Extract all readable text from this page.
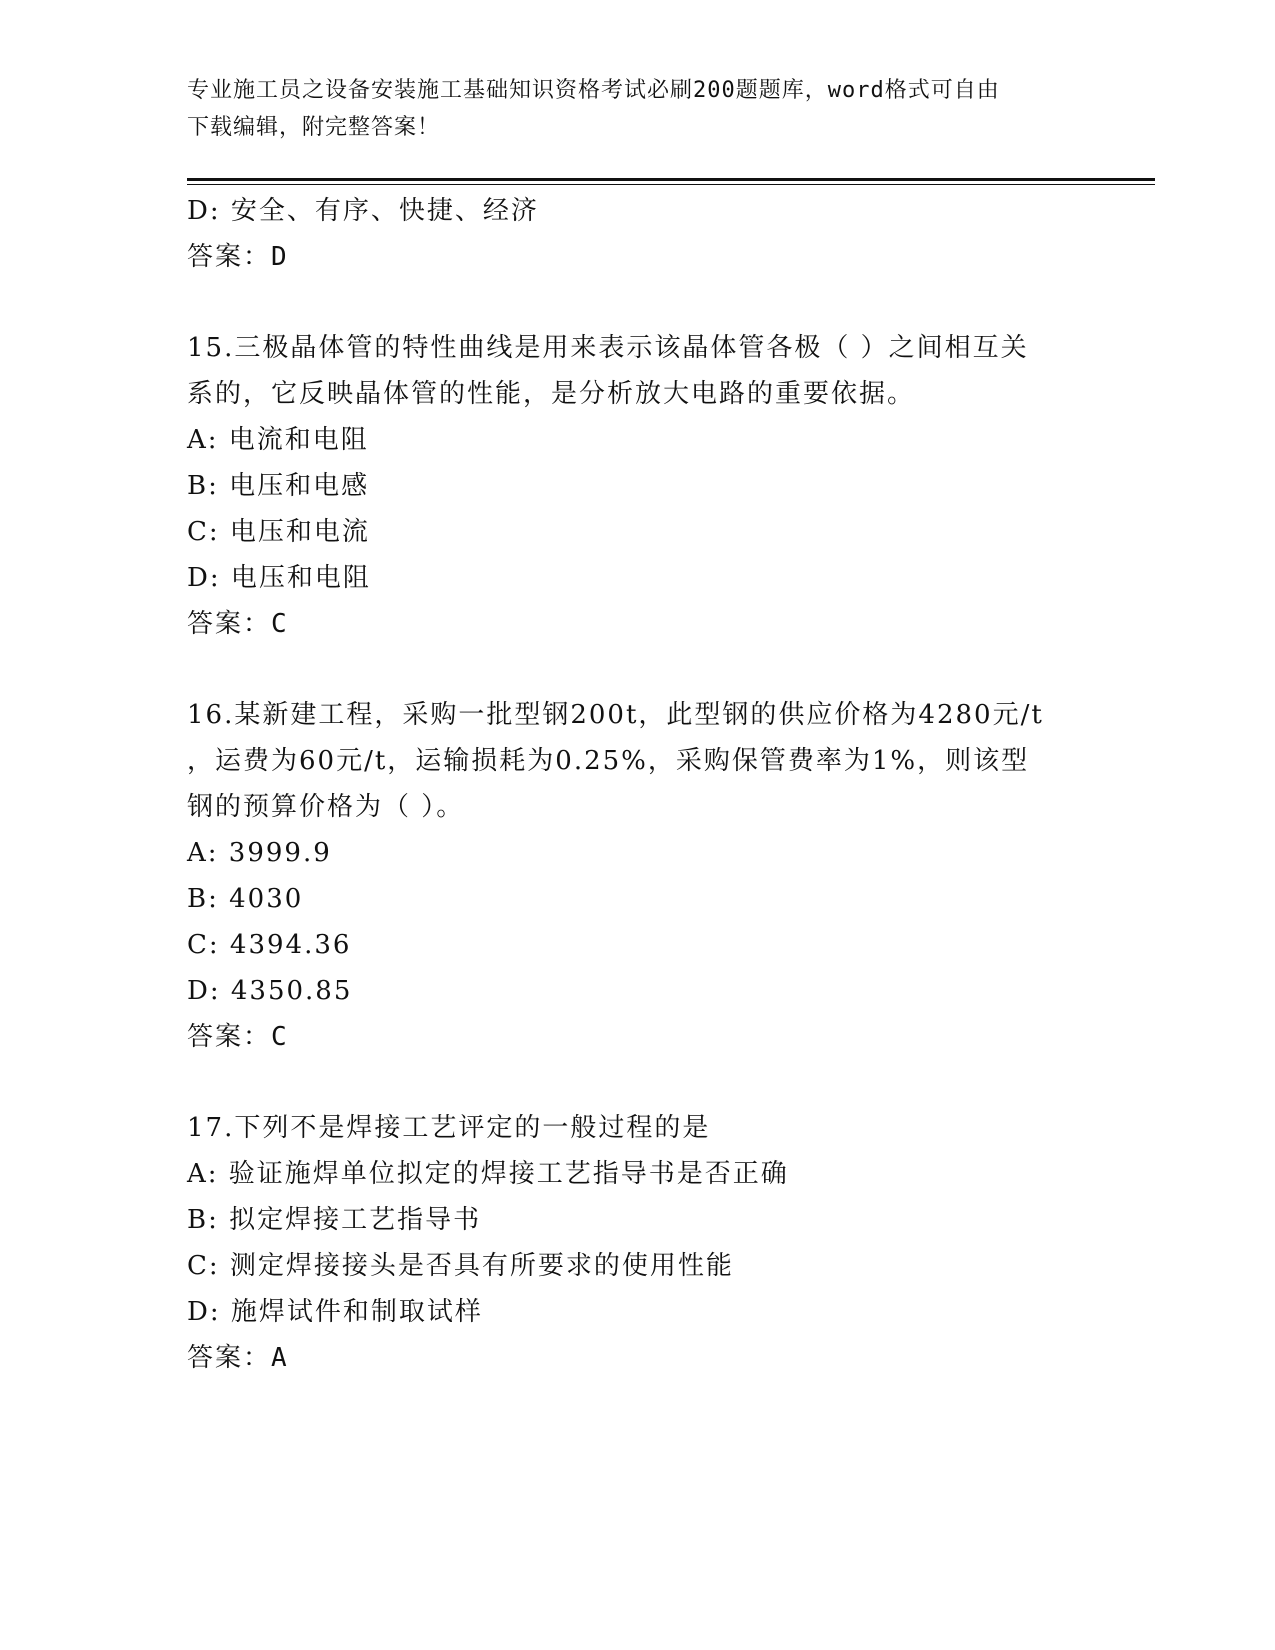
专业施工员之设备安装施工基础知识资格考试必刷200题题库，word格式可自由

下载编辑，附完整答案！

D: 安全、有序、快捷、经济

答案：D

15.三极晶体管的特性曲线是用来表示该晶体管各极（ ）之间相互关

系的，它反映晶体管的性能，是分析放大电路的重要依据。

A: 电流和电阻

B: 电压和电感

C: 电压和电流

D: 电压和电阻

答案：C

16.某新建工程，采购一批型钢200t，此型钢的供应价格为4280元/t

，运费为60元/t，运输损耗为0.25%，采购保管费率为1%，则该型

钢的预算价格为（ ）。

A: 3999.9

B: 4030

C: 4394.36

D: 4350.85

答案：C

17.下列不是焊接工艺评定的一般过程的是

A: 验证施焊单位拟定的焊接工艺指导书是否正确

B: 拟定焊接工艺指导书

C: 测定焊接接头是否具有所要求的使用性能

D: 施焊试件和制取试样

答案：A
